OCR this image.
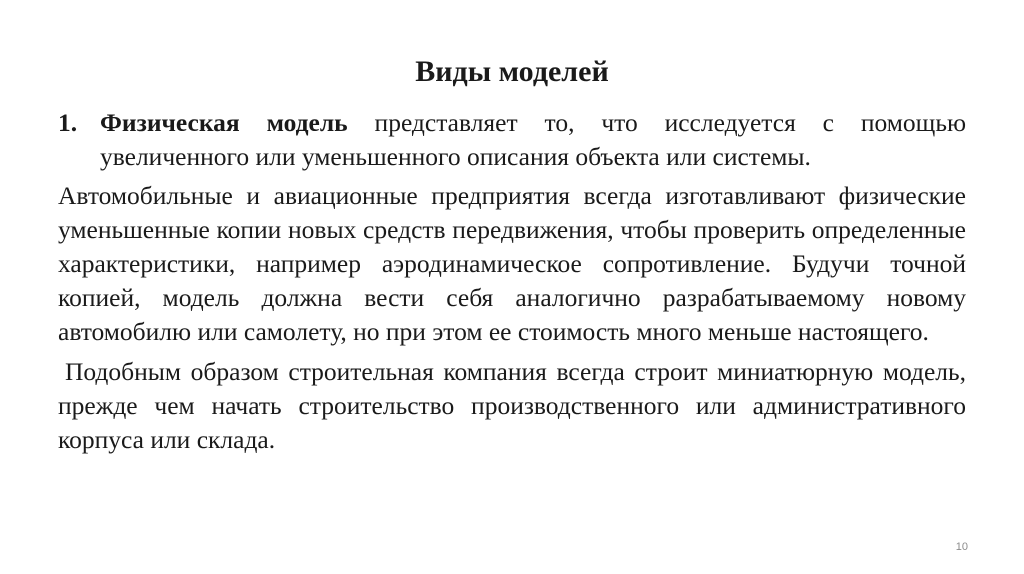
Виды моделей
1. Физическая модель представляет то, что исследуется с помощью увеличенного или уменьшенного описания объекта или системы.

Автомобильные и авиационные предприятия всегда изготавливают физические уменьшенные копии новых средств передвижения, чтобы проверить определенные характеристики, например аэродинамическое сопротивление. Будучи точной копией, модель должна вести себя аналогично разрабатываемому новому автомобилю или самолету, но при этом ее стоимость много меньше настоящего.

Подобным образом строительная компания всегда строит миниатюрную модель, прежде чем начать строительство производственного или административного корпуса или склада.

10
